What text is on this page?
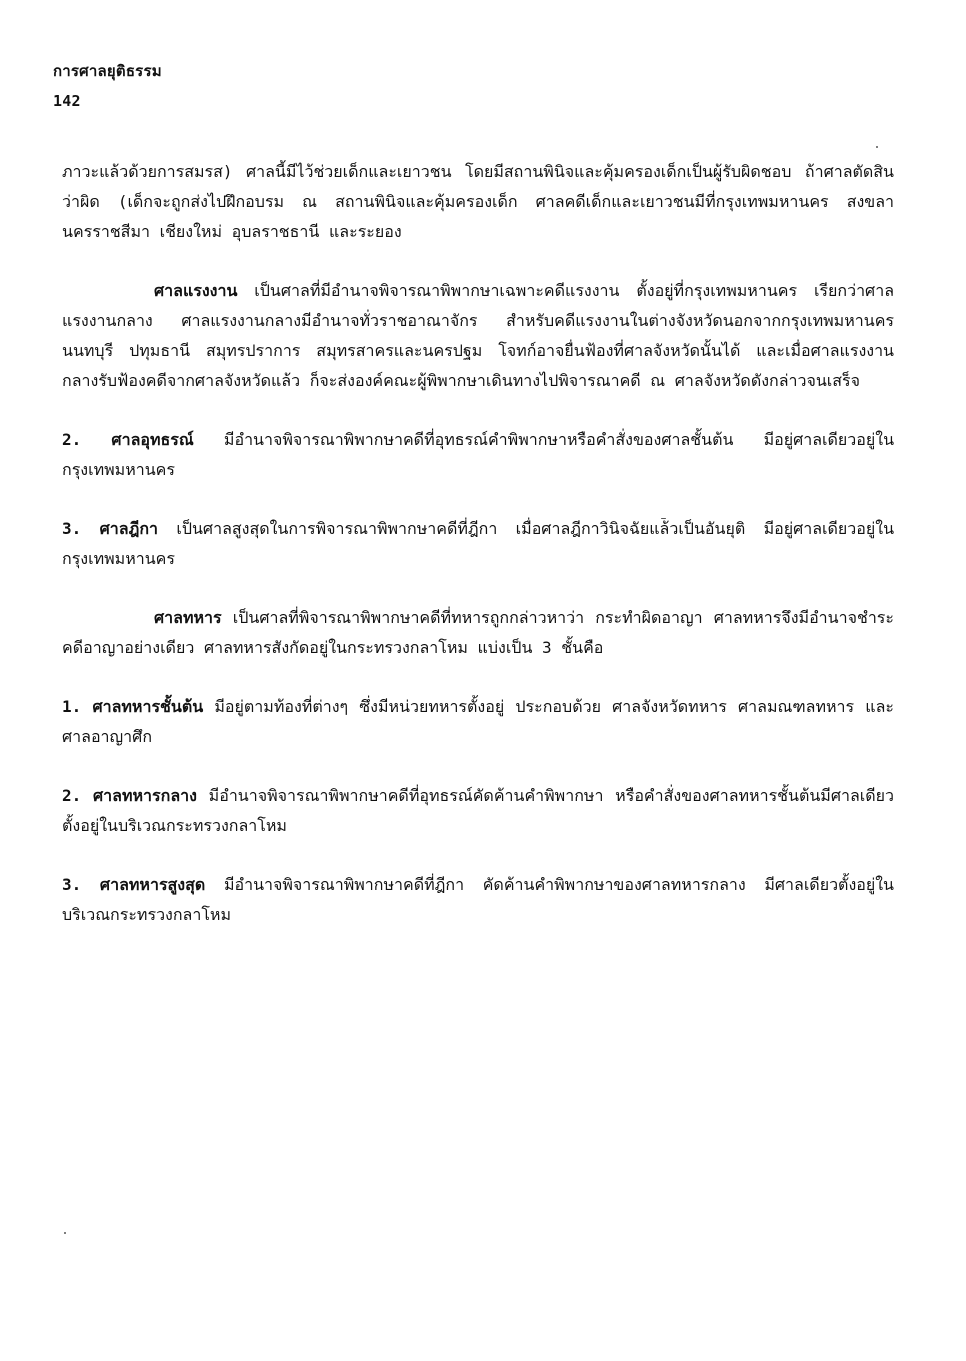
การศาลยุติธรรม
142

ภาวะแล้วด้วยการสมรส) ศาลนี้มีไว้ช่วยเด็กและเยาวชน โดยมีสถานพินิจและคุ้มครองเด็กเป็นผู้รับผิดชอบ ถ้าศาลตัดสินว่าผิด (เด็กจะถูกส่งไปฝึกอบรม ณ สถานพินิจและคุ้มครองเด็ก ศาลคดีเด็กและเยาวชนมีที่กรุงเทพมหานคร สงขลา นครราชสีมา เชียงใหม่ อุบลราชธานี และระยอง

ศาลแรงงาน เป็นศาลที่มีอำนาจพิจารณาพิพากษาเฉพาะคดีแรงงาน ตั้งอยู่ที่กรุงเทพมหานคร เรียกว่าศาลแรงงานกลาง ศาลแรงงานกลางมีอำนาจทั่วราชอาณาจักร สำหรับคดีแรงงานในต่างจังหวัดนอกจากกรุงเทพมหานคร นนทบุรี ปทุมธานี สมุทรปราการ สมุทรสาครและนครปฐม โจทก์อาจยื่นฟ้องที่ศาลจังหวัดนั้นได้ และเมื่อศาลแรงงานกลางรับฟ้องคดีจากศาลจังหวัดแล้ว ก็จะส่งองค์คณะผู้พิพากษาเดินทางไปพิจารณาคดี ณ ศาลจังหวัดดังกล่าวจนเสร็จ

2. ศาลอุทธรณ์ มีอำนาจพิจารณาพิพากษาคดีที่อุทธรณ์คำพิพากษาหรือคำสั่งของศาลชั้นต้น มีอยู่ศาลเดียวอยู่ในกรุงเทพมหานคร

3. ศาลฎีกา เป็นศาลสูงสุดในการพิจารณาพิพากษาคดีที่ฎีกา เมื่อศาลฎีกาวินิจฉัยแล้วเป็นอันยุติ มีอยู่ศาลเดียวอยู่ในกรุงเทพมหานคร

ศาลทหาร เป็นศาลที่พิจารณาพิพากษาคดีที่ทหารถูกกล่าวหาว่า กระทำผิดอาญา ศาลทหารจึงมีอำนาจชำระคดีอาญาอย่างเดียว ศาลทหารสังกัดอยู่ในกระทรวงกลาโหม แบ่งเป็น 3 ชั้นคือ

1. ศาลทหารชั้นต้น มีอยู่ตามท้องที่ต่างๆ ซึ่งมีหน่วยทหารตั้งอยู่ ประกอบด้วย ศาลจังหวัดทหาร ศาลมณฑลทหาร และศาลอาญาศึก

2. ศาลทหารกลาง มีอำนาจพิจารณาพิพากษาคดีที่อุทธรณ์คัดค้านคำพิพากษา หรือคำสั่งของศาลทหารชั้นต้นมีศาลเดียวตั้งอยู่ในบริเวณกระทรวงกลาโหม

3. ศาลทหารสูงสุด มีอำนาจพิจารณาพิพากษาคดีที่ฎีกา คัดค้านคำพิพากษาของศาลทหารกลาง มีศาลเดียวตั้งอยู่ในบริเวณกระทรวงกลาโหม
